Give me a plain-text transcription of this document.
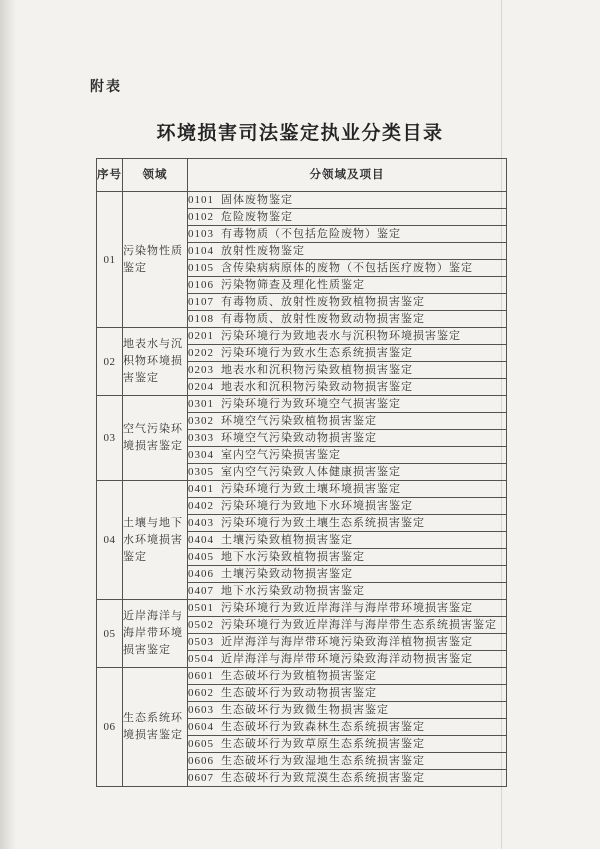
附表
环境损害司法鉴定执业分类目录
序号	领域	分领域及项目
01	污染物性质鉴定	0101 固体废物鉴定
		0102 危险废物鉴定
		0103 有毒物质（不包括危险废物）鉴定
		0104 放射性废物鉴定
		0105 含传染病病原体的废物（不包括医疗废物）鉴定
		0106 污染物筛查及理化性质鉴定
		0107 有毒物质、放射性废物致植物损害鉴定
		0108 有毒物质、放射性废物致动物损害鉴定
02	地表水与沉积物环境损害鉴定	0201 污染环境行为致地表水与沉积物环境损害鉴定
		0202 污染环境行为致水生态系统损害鉴定
		0203 地表水和沉积物污染致植物损害鉴定
		0204 地表水和沉积物污染致动物损害鉴定
03	空气污染环境损害鉴定	0301 污染环境行为致环境空气损害鉴定
		0302 环境空气污染致植物损害鉴定
		0303 环境空气污染致动物损害鉴定
		0304 室内空气污染损害鉴定
		0305 室内空气污染致人体健康损害鉴定
04	土壤与地下水环境损害鉴定	0401 污染环境行为致土壤环境损害鉴定
		0402 污染环境行为致地下水环境损害鉴定
		0403 污染环境行为致土壤生态系统损害鉴定
		0404 土壤污染致植物损害鉴定
		0405 地下水污染致植物损害鉴定
		0406 土壤污染致动物损害鉴定
		0407 地下水污染致动物损害鉴定
05	近岸海洋与海岸带环境损害鉴定	0501 污染环境行为致近岸海洋与海岸带环境损害鉴定
		0502 污染环境行为致近岸海洋与海岸带生态系统损害鉴定
		0503 近岸海洋与海岸带环境污染致海洋植物损害鉴定
		0504 近岸海洋与海岸带环境污染致海洋动物损害鉴定
06	生态系统环境损害鉴定	0601 生态破坏行为致植物损害鉴定
		0602 生态破坏行为致动物损害鉴定
		0603 生态破坏行为致微生物损害鉴定
		0604 生态破坏行为致森林生态系统损害鉴定
		0605 生态破坏行为致草原生态系统损害鉴定
		0606 生态破坏行为致湿地生态系统损害鉴定
		0607 生态破坏行为致荒漠生态系统损害鉴定
